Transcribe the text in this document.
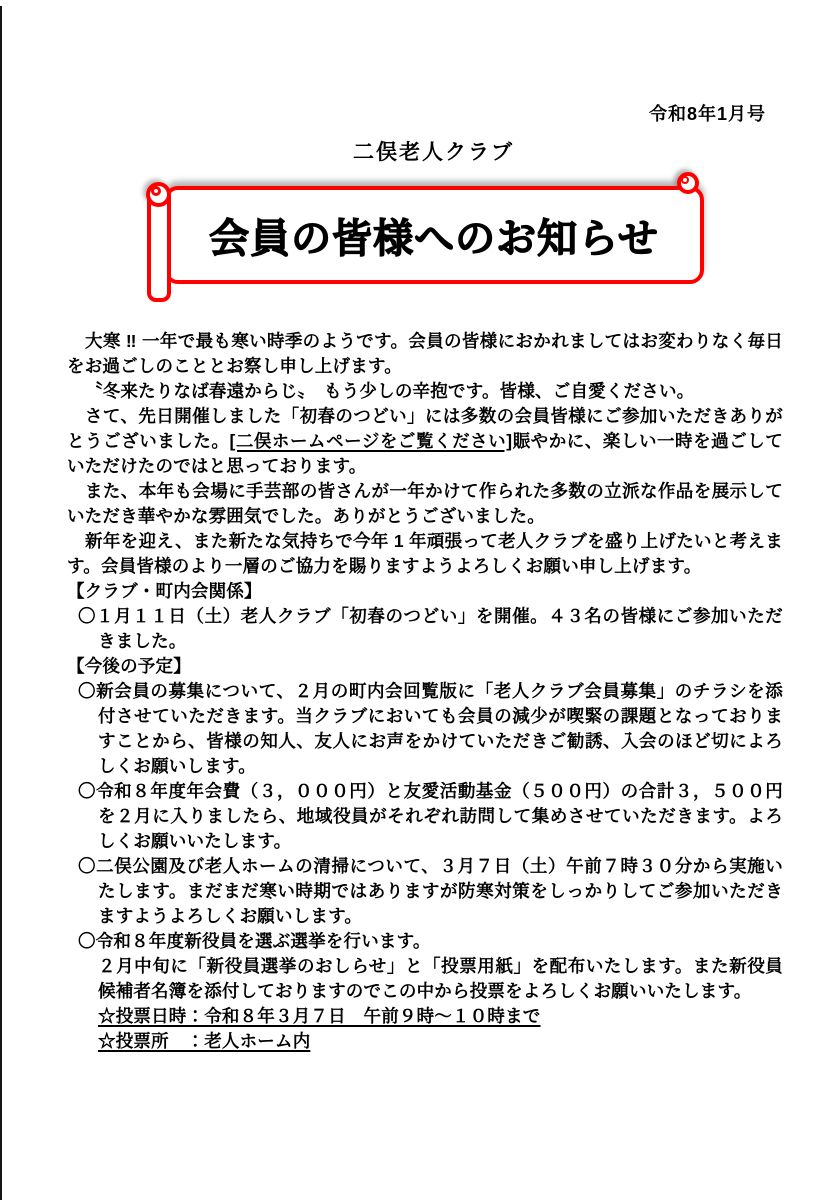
令和8年1月号
二俣老人クラブ
会員の皆様へのお知らせ

大寒 ‼ 一年で最も寒い時季のようです。会員の皆様におかれましてはお変わりなく毎日をお過ごしのこととお察し申し上げます。

〝冬来たりなば春遠からじ〟　もう少しの辛抱です。皆様、ご自愛ください。

さて、先日開催しました「初春のつどい」には多数の会員皆様にご参加いただきありがとうございました。[二俣ホームページをご覧ください]賑やかに、楽しい一時を過ごしていただけたのではと思っております。

また、本年も会場に手芸部の皆さんが一年かけて作られた多数の立派な作品を展示していただき華やかな雰囲気でした。ありがとうございました。

新年を迎え、また新たな気持ちで今年 1 年頑張って老人クラブを盛り上げたいと考えます。会員皆様のより一層のご協力を賜りますようよろしくお願い申し上げます。

【クラブ・町内会関係】

〇１月１１日（土）老人クラブ「初春のつどい」を開催。４３名の皆様にご参加いただきました。

【今後の予定】

〇新会員の募集について、２月の町内会回覧版に「老人クラブ会員募集」のチラシを添付させていただきます。当クラブにおいても会員の減少が喫緊の課題となっておりますことから、皆様の知人、友人にお声をかけていただきご勧誘、入会のほど切によろしくお願いします。

〇令和８年度年会費（３，０００円）と友愛活動基金（５００円）の合計３，５００円を２月に入りましたら、地域役員がそれぞれ訪問して集めさせていただきます。よろしくお願いいたします。

〇二俣公園及び老人ホームの清掃について、３月７日（土）午前７時３０分から実施いたします。まだまだ寒い時期ではありますが防寒対策をしっかりしてご参加いただきますようよろしくお願いします。

〇令和８年度新役員を選ぶ選挙を行います。

２月中旬に「新役員選挙のおしらせ」と「投票用紙」を配布いたします。また新役員候補者名簿を添付しておりますのでこの中から投票をよろしくお願いいたします。

☆投票日時：令和８年３月７日　午前９時～１０時まで

☆投票所　：老人ホーム内
